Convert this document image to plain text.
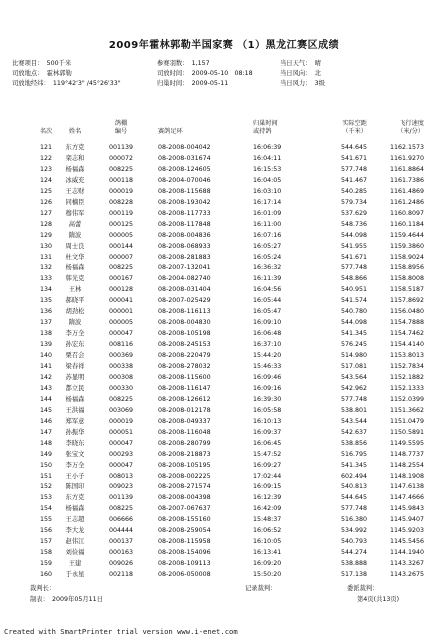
2009年霍林郭勒半国家赛 （1）黑龙江赛区成绩
比赛项目：　500千米	参赛羽数：　1,157	当日天气：　晴
司放地点：　霍林郭勒	司放时间：　2009-05-10　08:18	当日风向：　北
司放地经纬：　119°42'3" /45°26'33"	归巢时间：　2009-05-11	当日风力：　3级
名次	姓名
鸽棚
编号	赛鸽足环
归巢时间
或持鸽
实际空距
（千米）
飞行速度
（米/分）
121	东方克	001139	08-2008-004042	16:06:39	544.645	1162.1573
122	栾志和	000072	08-2008-031674	16:04:11	541.671	1161.9270
123	杨福森	008225	08-2008-124605	16:15:53	577.748	1161.8864
124	冰威充	000118	08-2004-070046	16:04:05	541.467	1161.7386
125	王志财	000019	08-2008-115688	16:03:10	540.285	1161.4869
126	同楠臣	008228	08-2008-193042	16:17:14	579.734	1161.2486
127	穆伟军	000119	08-2008-117733	16:01:09	537.629	1160.8097
128	高蕾	000125	08-2008-117848	16:11:00	548.736	1160.1184
129	隋波	000005	08-2008-004836	16:07:16	544.098	1159.4644
130	周士良	000144	08-2008-068933	16:05:27	541.955	1159.3860
131	杜文华	000007	08-2008-281883	16:05:24	541.671	1158.9024
132	杨福森	008225	08-2007-132041	16:36:32	577.748	1158.8956
133	韩光克	000167	08-2004-082740	16:11:39	548.866	1158.8008
134	王林	000128	08-2008-031404	16:04:56	540.951	1158.5187
135	郝晓平	000041	08-2007-025429	16:05:44	541.574	1157.8692
136	胡劲松	000001	08-2008-116113	16:05:47	540.780	1156.0480
137	隋波	000005	08-2008-004830	16:09:10	544.098	1154.7888
138	李万全	000047	08-2008-105198	16:06:48	541.345	1154.7462
139	孙宏东	008116	08-2008-245153	16:37:10	576.245	1154.4140
140	栗召会	000369	08-2008-220479	15:44:20	514.980	1153.8013
141	梁春祥	000338	08-2008-278032	15:46:33	517.081	1152.7834
142	苏显明	000308	08-2008-115600	16:09:46	543.564	1152.1882
143	都立民	000330	08-2008-116147	16:09:16	542.962	1152.1333
144	杨福森	008225	08-2008-126612	16:39:30	577.748	1152.0399
145	王洪福	003069	08-2008-012178	16:05:58	538.801	1151.3662
146	郑军意	000019	08-2008-049337	16:10:13	543.544	1151.0479
147	孙振华	000051	08-2008-116048	16:09:37	542.637	1150.5891
148	李晓东	000047	08-2008-280799	16:06:45	538.856	1149.5595
149	张宝文	000293	08-2008-218873	15:47:52	516.795	1148.7737
150	李万全	000047	08-2008-105195	16:09:27	541.345	1148.2554
151	王小子	008013	08-2008-002225	17:02:44	602.494	1148.1908
152	陈国印	009023	08-2008-271574	16:09:15	540.813	1147.6138
153	东方克	001139	08-2008-004398	16:12:39	544.645	1147.4666
154	杨福森	008225	08-2007-067637	16:42:09	577.748	1145.9843
155	王志超	006666	08-2008-155160	15:48:37	516.380	1145.9407
156	李大龙	004444	08-2008-259054	16:06:52	534.992	1145.9203
157	赵伟江	000137	08-2008-115958	16:10:05	540.793	1145.5456
158	刘俭福	000163	08-2008-154096	16:13:41	544.274	1144.1940
159	王建	009026	08-2008-109113	16:09:20	538.888	1143.3267
160	于永星	002118	08-2006-050008	15:50:20	517.138	1143.2675
裁判长：	记录裁判：	委派裁判：
制表：　2009年05月11日	第4页(共13页)
Created with SmartPrinter trial version www.i-enet.com
